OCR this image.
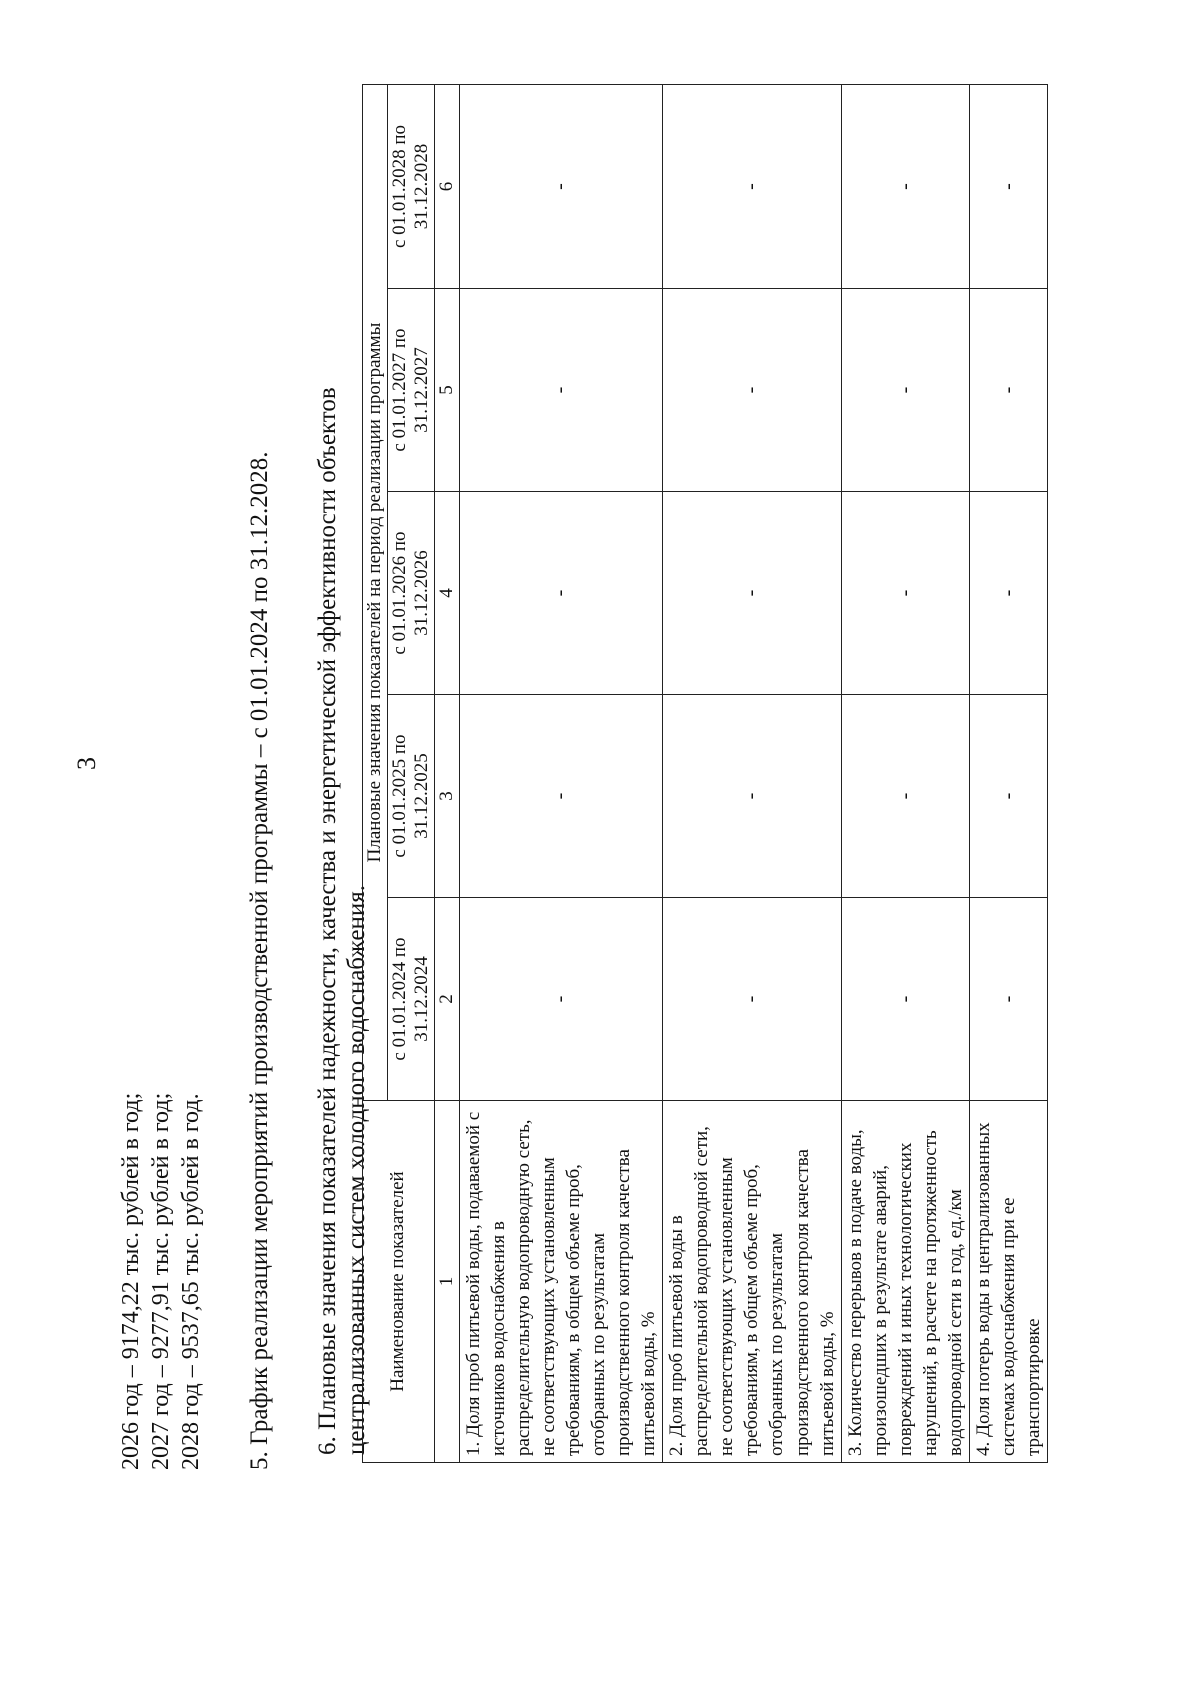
3
2026 год – 9174,22 тыс. рублей в год; 2027 год – 9277,91 тыс. рублей в год; 2028 год – 9537,65 тыс. рублей в год. 5. График реализации мероприятий производственной программы – с 01.01.2024 по 31.12.2028. 6. Плановые значения показателей надежности, качества и энергетической эффективности объектов централизованных систем холодного водоснабжения. Наименование показателей	Плановые значения показателей на период реализации программы				
	с 01.01.2024 по 31.12.2024	с 01.01.2025 по 31.12.2025	с 01.01.2026 по 31.12.2026	с 01.01.2027 по 31.12.2027	с 01.01.2028 по 31.12.2028
1	2	3	4	5	6
1. Доля проб питьевой воды, подаваемой с источников водоснабжения в распределительную водопроводную сеть, не соответствующих установленным требованиям, в общем объеме проб, отобранных по результатам производственного контроля качества питьевой воды, %	-	-	-	-	-
2. Доля проб питьевой воды в распределительной водопроводной сети, не соответствующих установленным требованиям, в общем объеме проб, отобранных по результатам производственного контроля качества питьевой воды, %	-	-	-	-	-
3. Количество перерывов в подаче воды, произошедших в результате аварий, повреждений и иных технологических нарушений, в расчете на протяженность водопроводной сети в год, ед./км	-	-	-	-	-
4. Доля потерь воды в централизованных системах водоснабжения при ее транспортировке	-	-	-	-	-
